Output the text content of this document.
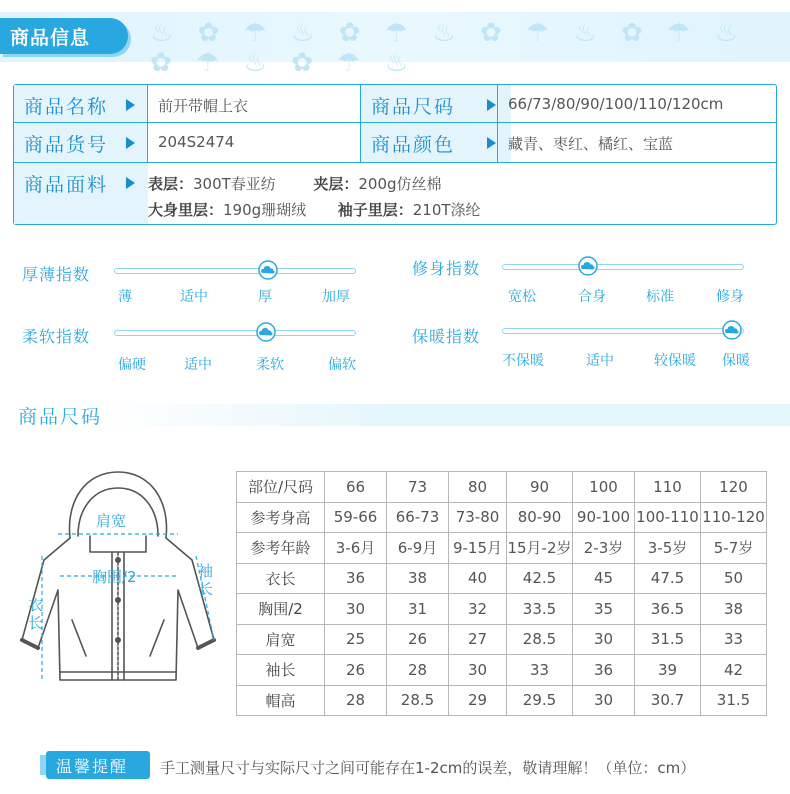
♨ ✿ ☂ ♨ ✿ ☂ ♨ ✿ ☂ ♨ ✿ ☂ ♨ ✿ ☂ ♨ ✿ ☂ ♨
商品信息
商品名称	前开带帽上衣	商品尺码	66/73/80/90/100/110/120cm
商品货号	204S2474	商品颜色	藏青、枣红、橘红、宝蓝
商品面料	表层：300T春亚纺	夹层：200g仿丝棉
大身里层：190g珊瑚绒 袖子里层：210T涤纶
厚薄指数
薄	适中	厚	加厚
修身指数
宽松	合身	标准	修身
柔软指数
偏硬	适中	柔软	偏软
保暖指数
不保暖	适中	较保暖 保暖
商品尺码
肩宽
胸围/2	袖
长
衣
长
部位/尺码	66	73	80	90	100	110	120
参考身高	59-66	66-73	73-80	80-90	90-100	100-110	110-120
参考年龄	3-6月	6-9月	9-15月	15月-2岁	2-3岁	3-5岁	5-7岁
衣长	36	38	40	42.5	45	47.5	50
胸围/2	30	31	32	33.5	35	36.5	38
肩宽	25	26	27	28.5	30	31.5	33
袖长	26	28	30	33	36	39	42
帽高	28	28.5	29	29.5	30	30.7	31.5
温馨提醒 手工测量尺寸与实际尺寸之间可能存在1-2cm的误差，敬请理解！（单位：cm）
